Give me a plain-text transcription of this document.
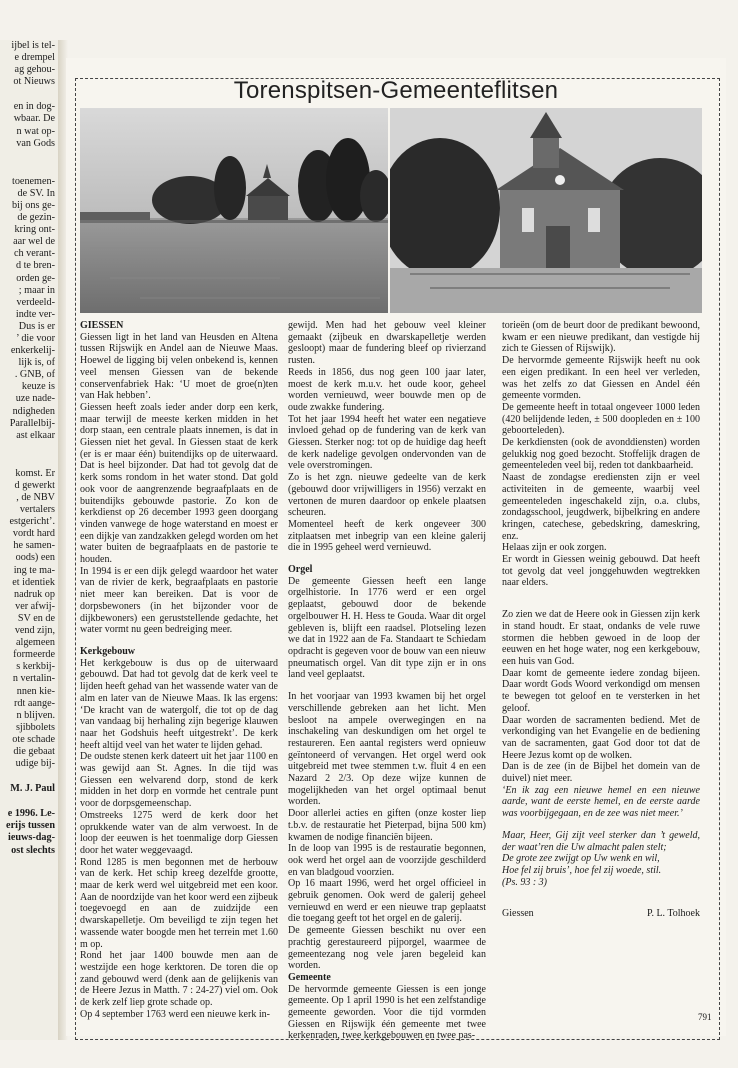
ijbel is tel-

e drempel

ag gehou-

ot Nieuws

en in dog-

wbaar. De

n wat op-

van Gods

toenemen-

de SV. In

bij ons ge-

de gezin-

kring ont-

aar wel de

ch verant-

d te bren-

orden ge-

; maar in

verdeeld-

indte ver-

Dus is er

’ die voor

enkerkelij-

lijk is, of

. GNB, of

keuze is

uze nade-

ndigheden

Parallelbij-

ast elkaar

komst. Er

d gewerkt

, de NBV

vertalers

estgericht’.

vordt hard

he samen-

oods) een

ing te ma-

et identiek

nadruk op

ver afwij-

SV en de

vend zijn,

algemeen

formeerde

s kerkbij-

n vertalin-

nnen kie-

rdt aange-

n blijven.

sjibbolets

ote schade

die gebaat

udige bij-

M. J. Paul

e 1996. Le-

erijs tussen

ieuws-dag-

ost slechts

Torenspitsen-Gemeenteflitsen
GIESSEN

Giessen ligt in het land van Heusden en Altena tussen Rijswijk en Andel aan de Nieuwe Maas. Hoewel de ligging bij velen onbekend is, kennen veel mensen Giessen van de bekende conservenfabriek Hak: ‘U moet de groe(n)ten van Hak hebben’.

Giessen heeft zoals ieder ander dorp een kerk, maar terwijl de meeste kerken midden in het dorp staan, een centrale plaats innemen, is dat in Giessen niet het geval. In Giessen staat de kerk (er is er maar één) buitendijks op de uiterwaard. Dat is heel bijzonder. Dat had tot gevolg dat de kerk soms rondom in het water stond. Dat gold ook voor de aangrenzende begraafplaats en de buitendijks gebouwde pastorie. Zo kon de kerkdienst op 26 december 1993 geen doorgang vinden vanwege de hoge waterstand en moest er een dijkje van zandzakken gelegd worden om het water buiten de begraafplaats en de pastorie te houden.

In 1994 is er een dijk gelegd waardoor het water van de rivier de kerk, begraafplaats en pastorie niet meer kan bereiken. Dat is voor de dorpsbewoners (in het bijzonder voor de dijkbewoners) een geruststellende gedachte, het water vormt nu geen bedreiging meer.

Kerkgebouw

Het kerkgebouw is dus op de uiterwaard gebouwd. Dat had tot gevolg dat de kerk veel te lijden heeft gehad van het wassende water van de alm en later van de Nieuwe Maas. Ik las ergens: ‘De kracht van de watergolf, die tot op de dag van vandaag bij herhaling zijn begerige klauwen naar het Godshuis heeft uitgestrekt’. De kerk heeft altijd veel van het water te lijden gehad.

De oudste stenen kerk dateert uit het jaar 1100 en was gewijd aan St. Agnes. In die tijd was Giessen een welvarend dorp, stond de kerk midden in het dorp en vormde het centrale punt voor de dorpsgemeenschap.

Omstreeks 1275 werd de kerk door het oprukkende water van de alm verwoest. In de loop der eeuwen is het toenmalige dorp Giessen door het water weggevaagd.

Rond 1285 is men begonnen met de herbouw van de kerk. Het schip kreeg dezelfde grootte, maar de kerk werd wel uitgebreid met een koor. Aan de noordzijde van het koor werd een zijbeuk toegevoegd en aan de zuidzijde een dwarskapelletje. Om beveiligd te zijn tegen het wassende water boogde men het terrein met 1.60 m op.

Rond het jaar 1400 bouwde men aan de westzijde een hoge kerktoren. De toren die op zand gebouwd werd (denk aan de gelijkenis van de Heere Jezus in Matth. 7 : 24-27) viel om. Ook de kerk zelf liep grote schade op.

Op 4 september 1763 werd een nieuwe kerk in-

gewijd. Men had het gebouw veel kleiner gemaakt (zijbeuk en dwarskapelletje werden gesloopt) maar de fundering bleef op rivierzand rusten.

Reeds in 1856, dus nog geen 100 jaar later, moest de kerk m.u.v. het oude koor, geheel worden vernieuwd, weer bouwde men op de oude zwakke fundering.

Tot het jaar 1994 heeft het water een negatieve invloed gehad op de fundering van de kerk van Giessen. Sterker nog: tot op de huidige dag heeft de kerk nadelige gevolgen ondervonden van de vele overstromingen.

Zo is het zgn. nieuwe gedeelte van de kerk (gebouwd door vrijwilligers in 1956) verzakt en vertonen de muren daardoor op enkele plaatsen scheuren.

Momenteel heeft de kerk ongeveer 300 zitplaatsen met inbegrip van een kleine galerij die in 1995 geheel werd vernieuwd.

Orgel

De gemeente Giessen heeft een lange orgelhistorie. In 1776 werd er een orgel geplaatst, gebouwd door de bekende orgelbouwer H. H. Hess te Gouda. Waar dit orgel gebleven is, blijft een raadsel. Plotseling lezen we dat in 1922 aan de Fa. Standaart te Schiedam opdracht is gegeven voor de bouw van een nieuw pneumatisch orgel. Van dit type zijn er in ons land veel geplaatst.

In het voorjaar van 1993 kwamen bij het orgel verschillende gebreken aan het licht. Men besloot na ampele overwegingen en na inschakeling van deskundigen om het orgel te restaureren. Een aantal registers werd opnieuw geïntoneerd of vervangen. Het orgel werd ook uitgebreid met twee stemmen t.w. fluit 4 en een Nazard 2 2/3. Op deze wijze kunnen de mogelijkheden van het orgel optimaal benut worden.

Door allerlei acties en giften (onze koster liep t.b.v. de restauratie het Pieterpad, bijna 500 km) kwamen de nodige financiën bijeen.

In de loop van 1995 is de restauratie begonnen, ook werd het orgel aan de voorzijde geschilderd en van bladgoud voorzien.

Op 16 maart 1996, werd het orgel officieel in gebruik genomen. Ook werd de galerij geheel vernieuwd en werd er een nieuwe trap geplaatst die toegang geeft tot het orgel en de galerij.

De gemeente Giessen beschikt nu over een prachtig gerestaureerd pijporgel, waarmee de gemeentezang nog vele jaren begeleid kan worden.

Gemeente

De hervormde gemeente Giessen is een jonge gemeente. Op 1 april 1990 is het een zelfstandige gemeente geworden. Voor die tijd vormden Giessen en Rijswijk één gemeente met twee kerkenraden, twee kerkgebouwen en twee pas-

torieën (om de beurt door de predikant bewoond, kwam er een nieuwe predikant, dan vestigde hij zich te Giessen of Rijswijk).

De hervormde gemeente Rijswijk heeft nu ook een eigen predikant. In een heel ver verleden, was het zelfs zo dat Giessen en Andel één gemeente vormden.

De gemeente heeft in totaal ongeveer 1000 leden (420 belijdende leden, ± 500 doopleden en ± 100 geboorteleden).

De kerkdiensten (ook de avonddiensten) worden gelukkig nog goed bezocht. Stoffelijk dragen de gemeenteleden veel bij, reden tot dankbaarheid.

Naast de zondagse erediensten zijn er veel activiteiten in de gemeente, waarbij veel gemeenteleden ingeschakeld zijn, o.a. clubs, zondagsschool, jeugdwerk, bijbelkring en andere kringen, catechese, gebedskring, dameskring, enz.

Helaas zijn er ook zorgen.

Er wordt in Giessen weinig gebouwd. Dat heeft tot gevolg dat veel jonggehuwden wegtrekken naar elders.

Zo zien we dat de Heere ook in Giessen zijn kerk in stand houdt. Er staat, ondanks de vele ruwe stormen die hebben gewoed in de loop der eeuwen en het hoge water, nog een kerkgebouw, een huis van God.

Daar komt de gemeente iedere zondag bijeen. Daar wordt Gods Woord verkondigd om mensen te bewegen tot geloof en te versterken in het geloof.

Daar worden de sacramenten bediend. Met de verkondiging van het Evangelie en de bediening van de sacramenten, gaat God door tot dat de Heere Jezus komt op de wolken.

Dan is de zee (in de Bijbel het domein van de duivel) niet meer.

‘En ik zag een nieuwe hemel en een nieuwe aarde, want de eerste hemel, en de eerste aarde was voorbijgegaan, en de zee was niet meer.’

Maar, Heer, Gij zijt veel sterker dan ’t geweld, der waat’ren die Uw almacht palen stelt;

De grote zee zwijgt op Uw wenk en wil,

Hoe fel zij bruis’, hoe fel zij woede, stil.

(Ps. 93 : 3)

Giessen	P. L. Tolhoek
791
